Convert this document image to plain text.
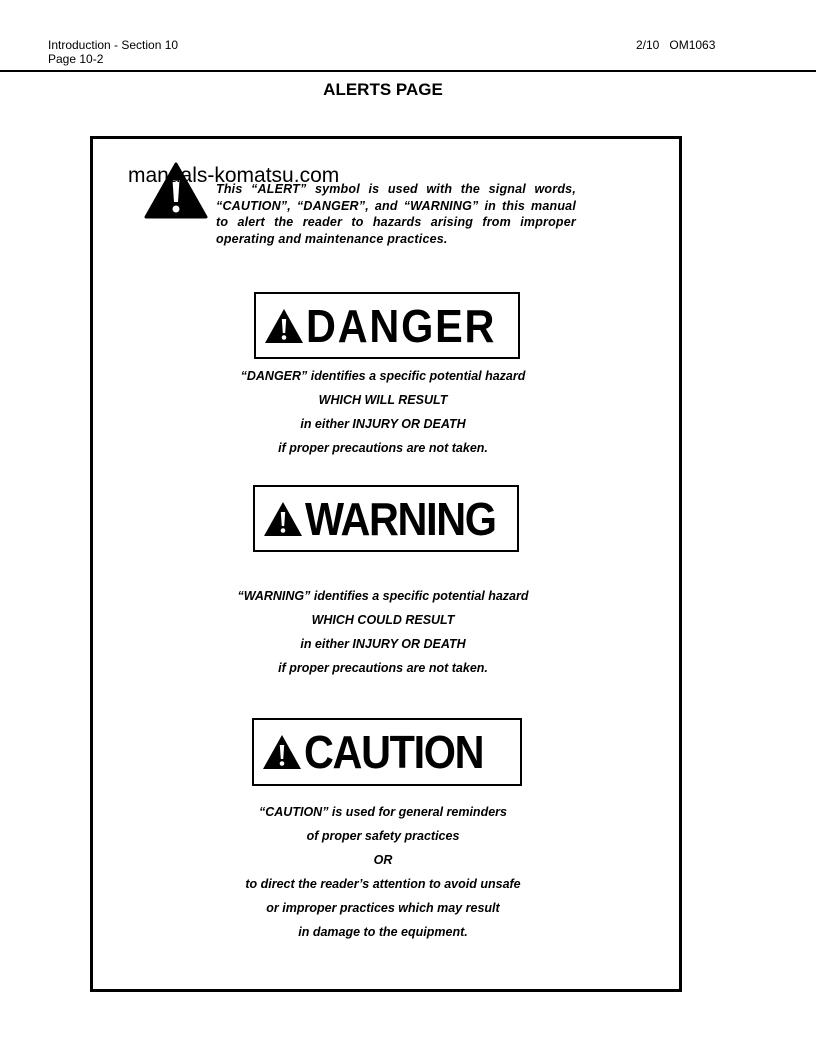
Introduction - Section 10
Page 10-2
2/10 OM1063
ALERTS PAGE
manuals-komatsu.com
This “ALERT” symbol is used with the signal words, “CAUTION”, “DANGER”, and “WARNING” in this manual to alert the reader to hazards arising from improper operating and maintenance practices.
DANGER
“DANGER” identifies a specific potential hazard
WHICH WILL RESULT
in either INJURY OR DEATH
if proper precautions are not taken.
WARNING
“WARNING” identifies a specific potential hazard
WHICH COULD RESULT
in either INJURY OR DEATH
if proper precautions are not taken.
CAUTION
“CAUTION” is used for general reminders
of proper safety practices
OR
to direct the reader’s attention to avoid unsafe
or improper practices which may result
in damage to the equipment.
